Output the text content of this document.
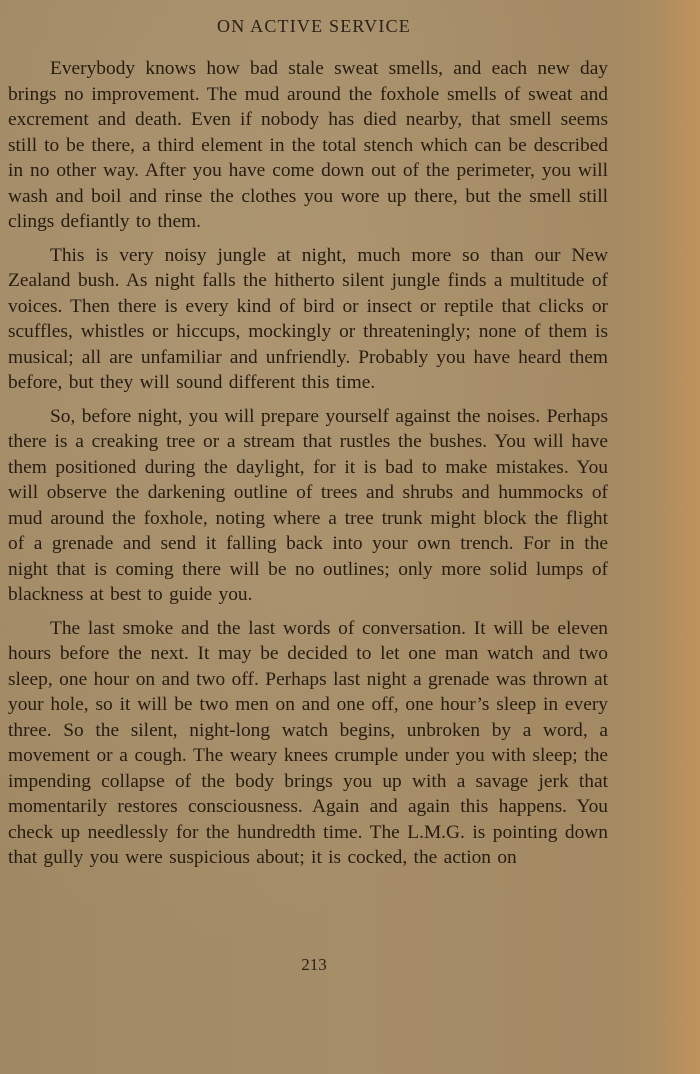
ON ACTIVE SERVICE

Everybody knows how bad stale sweat smells, and each new day brings no improvement. The mud around the foxhole smells of sweat and excrement and death. Even if nobody has died nearby, that smell seems still to be there, a third element in the total stench which can be described in no other way. After you have come down out of the perimeter, you will wash and boil and rinse the clothes you wore up there, but the smell still clings defiantly to them.

This is very noisy jungle at night, much more so than our New Zealand bush. As night falls the hitherto silent jungle finds a multitude of voices. Then there is every kind of bird or insect or reptile that clicks or scuffles, whistles or hiccups, mockingly or threateningly; none of them is musical; all are unfamiliar and unfriendly. Probably you have heard them before, but they will sound different this time.

So, before night, you will prepare yourself against the noises. Perhaps there is a creaking tree or a stream that rustles the bushes. You will have them positioned during the daylight, for it is bad to make mistakes. You will observe the darkening outline of trees and shrubs and hummocks of mud around the foxhole, noting where a tree trunk might block the flight of a grenade and send it falling back into your own trench. For in the night that is coming there will be no outlines; only more solid lumps of blackness at best to guide you.

The last smoke and the last words of conversation. It will be eleven hours before the next. It may be decided to let one man watch and two sleep, one hour on and two off. Perhaps last night a grenade was thrown at your hole, so it will be two men on and one off, one hour’s sleep in every three. So the silent, night-long watch begins, unbroken by a word, a movement or a cough. The weary knees crumple under you with sleep; the impending collapse of the body brings you up with a savage jerk that momentarily restores consciousness. Again and again this happens. You check up needlessly for the hundredth time. The L.M.G. is pointing down that gully you were suspicious about; it is cocked, the action on

213
